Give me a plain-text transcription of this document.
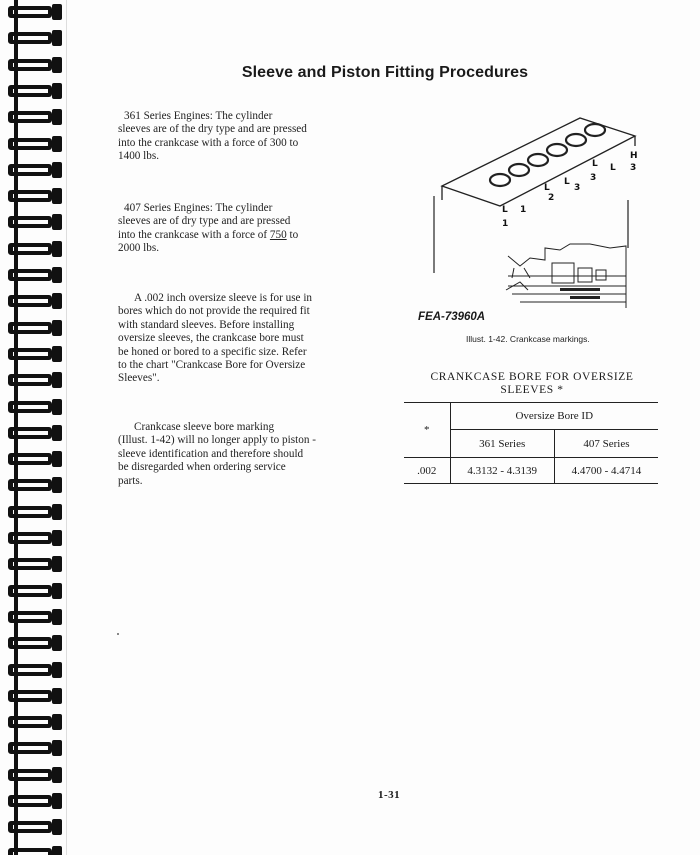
Sleeve and Piston Fitting Procedures
361 Series Engines: The cylinder
sleeves are of the dry type and are pressed
into the crankcase with a force of 300 to
1400 lbs.
407 Series Engines: The cylinder
sleeves are of dry type and are pressed
into the crankcase with a force of 750 to
2000 lbs.
A .002 inch oversize sleeve is for use in
bores which do not provide the required fit
with standard sleeves. Before installing
oversize sleeves, the crankcase bore must
be honed or bored to a specific size. Refer
to the chart "Crankcase Bore for Oversize
Sleeves".
Crankcase sleeve bore marking
(Illust. 1-42) will no longer apply to piston -
sleeve identification and therefore should
be disregarded when ordering service
parts.
H
3
L
3
L
3
L
2
L
1
L
1
FEA-73960A
Illust. 1-42. Crankcase markings.
CRANKCASE BORE FOR OVERSIZE
SLEEVES *
*	Oversize Bore ID	
	361 Series	407 Series
.002	4.3132 - 4.3139	4.4700 - 4.4714
1-31
